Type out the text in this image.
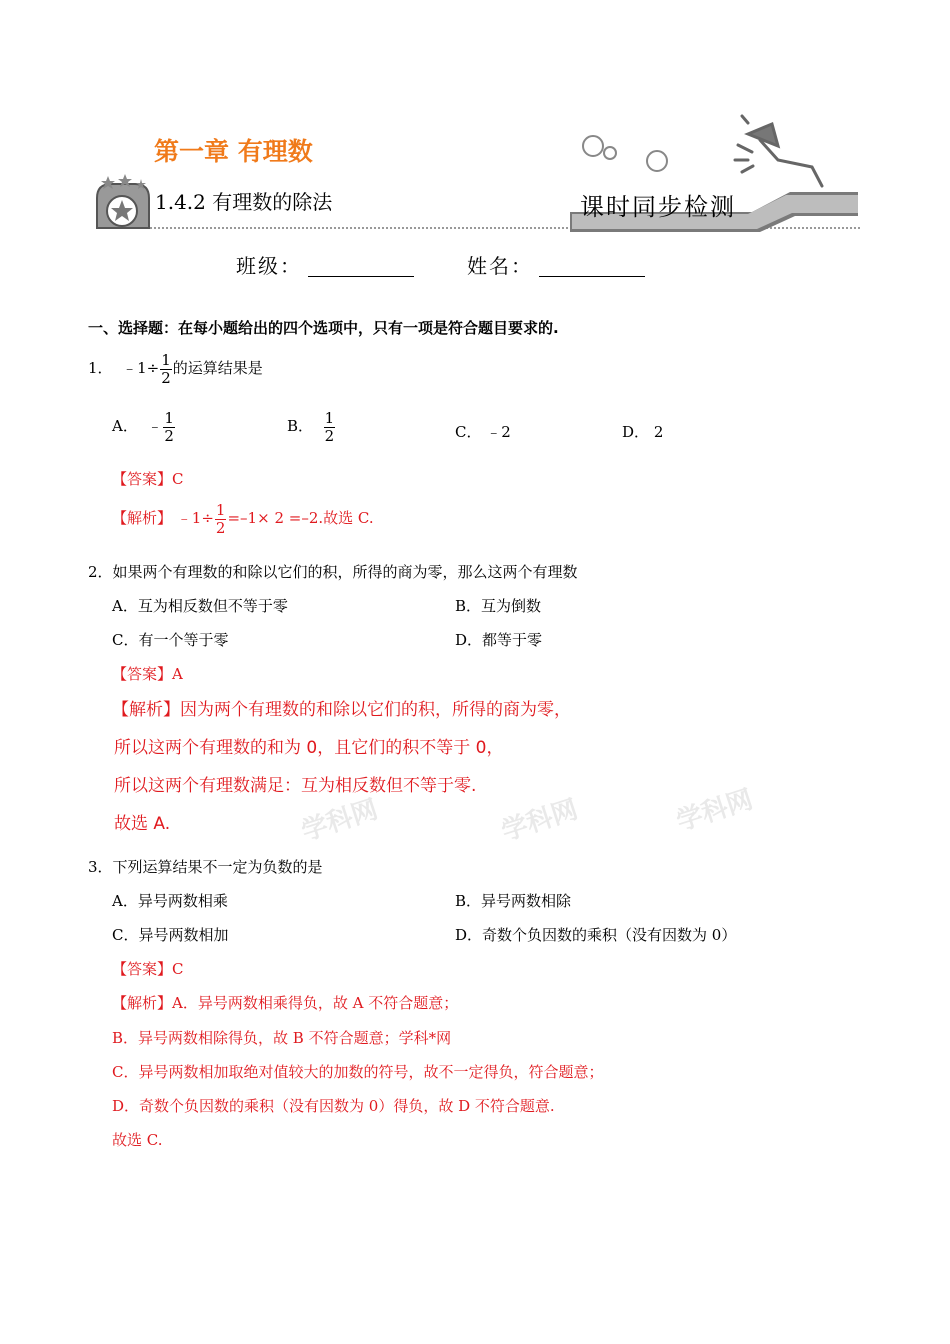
第一章 有理数
1.4.2 有理数的除法	课时同步检测
班级：	姓名：
学科网	学科网	学科网
一、选择题：在每小题给出的四个选项中，只有一项是符合题目要求的.
1． ﹣1÷ $\frac{1}{2}$ 的运算结果是
A． ﹣ $\frac{1}{2}$	B． $\frac{1}{2}$	C． ﹣2	D． 2
【答案】C
【解析】 ﹣1÷ $\frac{1}{2} =-1\times 2 =-2$.故选 C.
2．如果两个有理数的和除以它们的积，所得的商为零，那么这两个有理数
A．互为相反数但不等于零	B．互为倒数
C．有一个等于零	D．都等于零
【答案】A
【解析】因为两个有理数的和除以它们的积，所得的商为零，
所以这两个有理数的和为 0，且它们的积不等于 0，
所以这两个有理数满足：互为相反数但不等于零.
故选 A.
3．下列运算结果不一定为负数的是
A．异号两数相乘	B．异号两数相除
C．异号两数相加	D．奇数个负因数的乘积（没有因数为 0）
【答案】C
【解析】A．异号两数相乘得负，故 A 不符合题意；
B．异号两数相除得负，故 B 不符合题意；学科*网
C．异号两数相加取绝对值较大的加数的符号，故不一定得负，符合题意；
D．奇数个负因数的乘积（没有因数为 0）得负，故 D 不符合题意.
故选 C.
